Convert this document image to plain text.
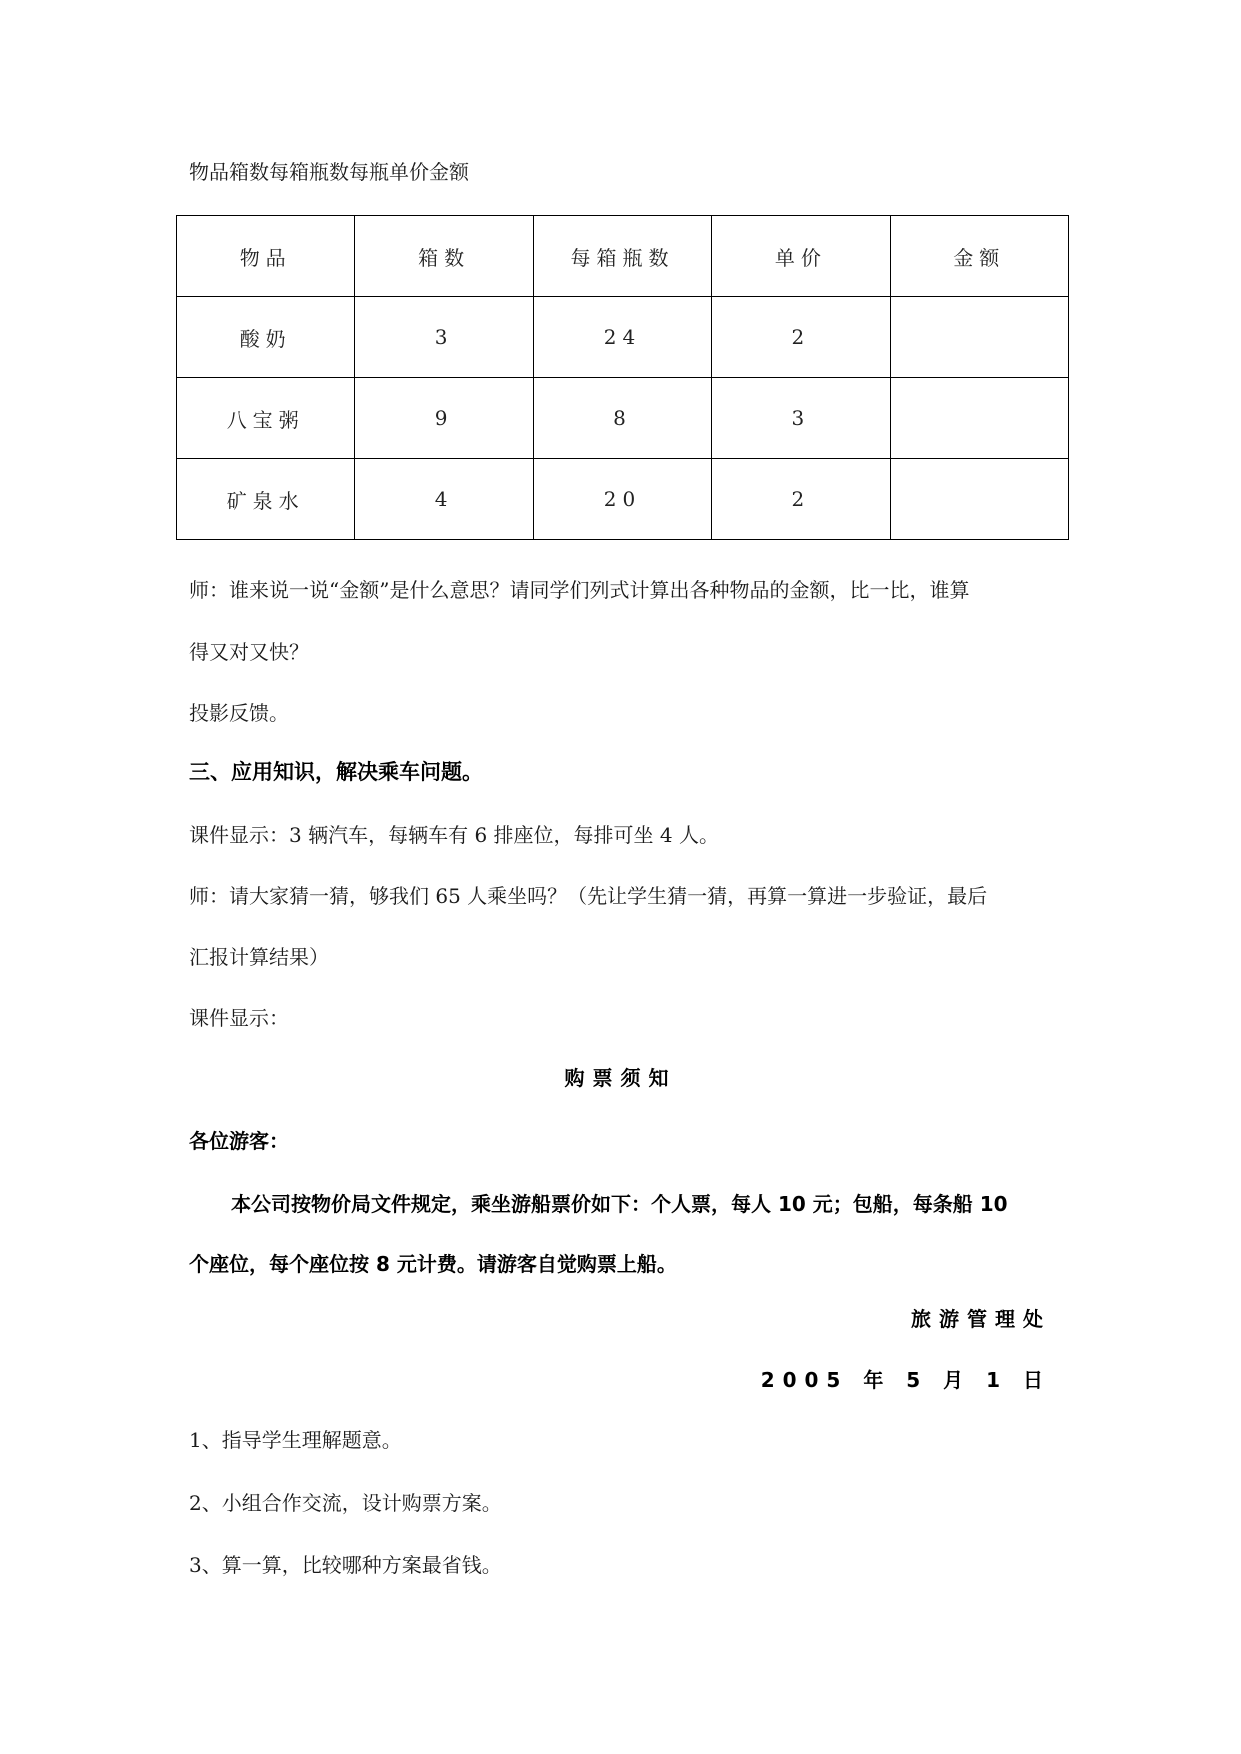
物品箱数每箱瓶数每瓶单价金额
物品	箱数	每箱瓶数	单价	金额
酸奶	3	24	2	
八宝粥	9	8	3	
矿泉水	4	20	2	
师：谁来说一说“金额”是什么意思？请同学们列式计算出各种物品的金额，比一比，谁算
得又对又快？
投影反馈。
三、应用知识，解决乘车问题。
课件显示：3 辆汽车，每辆车有 6 排座位，每排可坐 4 人。
师：请大家猜一猜，够我们 65 人乘坐吗？（先让学生猜一猜，再算一算进一步验证，最后
汇报计算结果）
课件显示：
购票须知
各位游客：
本公司按物价局文件规定，乘坐游船票价如下：个人票，每人 10 元；包船，每条船 10
个座位，每个座位按 8 元计费。请游客自觉购票上船。
旅游管理处
2005 年 5 月 1 日
1、指导学生理解题意。
2、小组合作交流，设计购票方案。
3、算一算，比较哪种方案最省钱。
